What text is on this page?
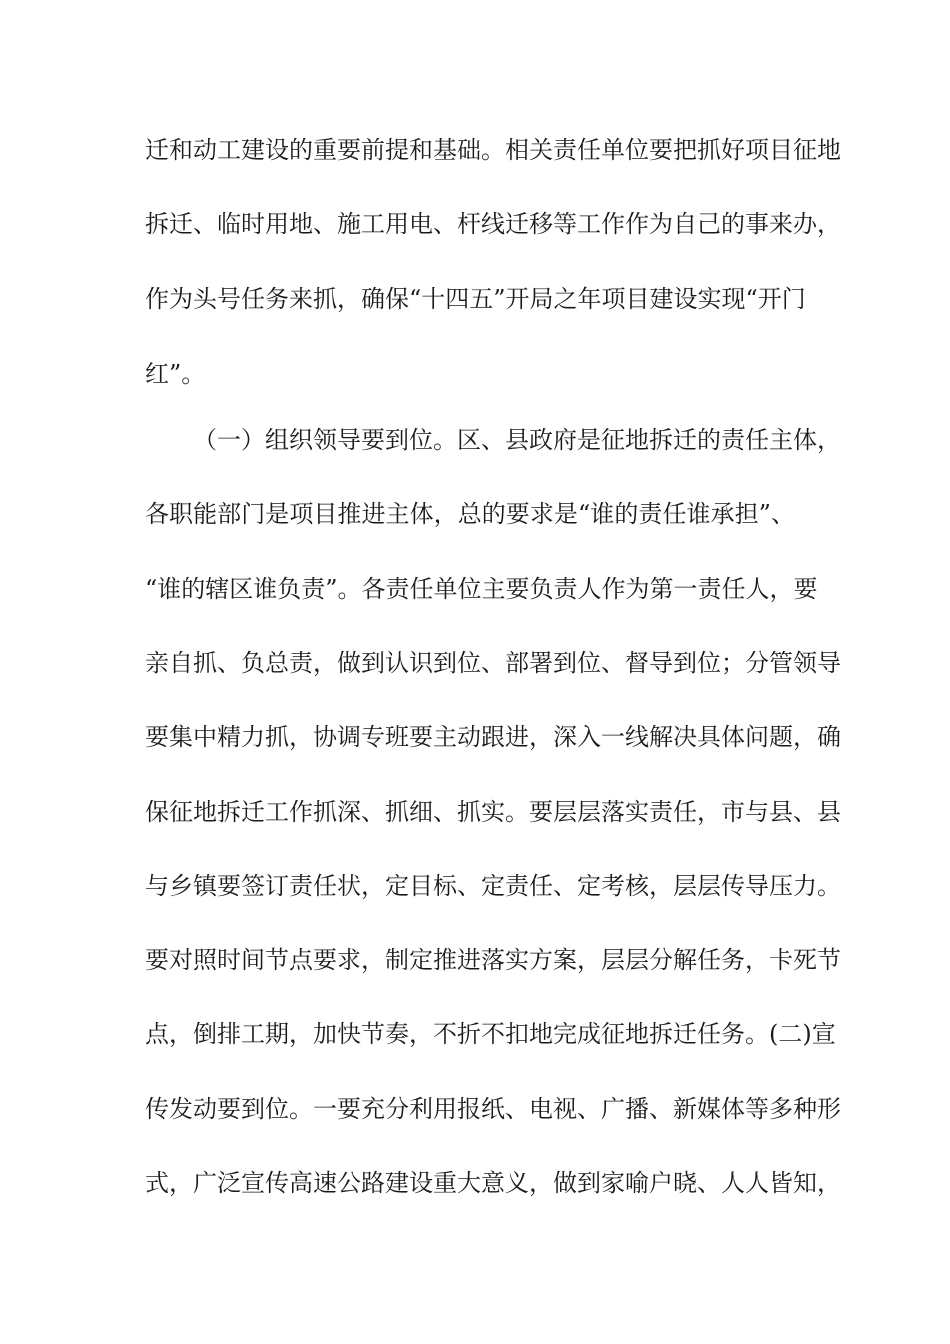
迁和动工建设的重要前提和基础。相关责任单位要把抓好项目征地
拆迁、临时用地、施工用电、杆线迁移等工作作为自己的事来办，
作为头号任务来抓，确保“十四五”开局之年项目建设实现“开门
红”。
（一）组织领导要到位。区、县政府是征地拆迁的责任主体，
各职能部门是项目推进主体，总的要求是“谁的责任谁承担”、
“谁的辖区谁负责”。各责任单位主要负责人作为第一责任人，要
亲自抓、负总责，做到认识到位、部署到位、督导到位；分管领导
要集中精力抓，协调专班要主动跟进，深入一线解决具体问题，确
保征地拆迁工作抓深、抓细、抓实。要层层落实责任，市与县、县
与乡镇要签订责任状，定目标、定责任、定考核，层层传导压力。
要对照时间节点要求，制定推进落实方案，层层分解任务，卡死节
点，倒排工期，加快节奏，不折不扣地完成征地拆迁任务。(二)宣
传发动要到位。一要充分利用报纸、电视、广播、新媒体等多种形
式，广泛宣传高速公路建设重大意义，做到家喻户晓、人人皆知，
